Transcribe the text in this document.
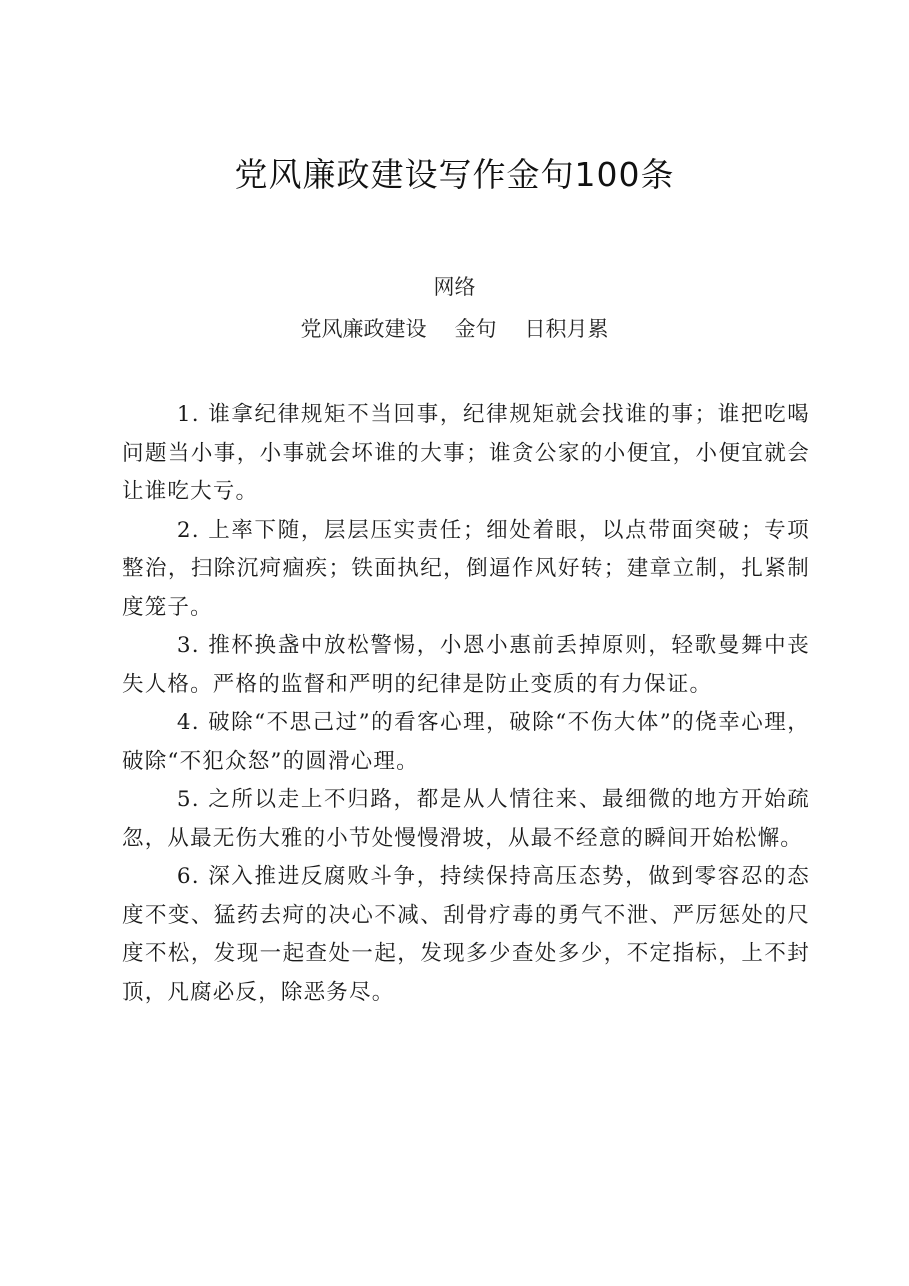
党风廉政建设写作金句100条
网络
党风廉政建设 金句 日积月累

1. 谁拿纪律规矩不当回事，纪律规矩就会找谁的事；谁把吃喝问题当小事，小事就会坏谁的大事；谁贪公家的小便宜，小便宜就会让谁吃大亏。

2. 上率下随，层层压实责任；细处着眼，以点带面突破；专项整治，扫除沉疴痼疾；铁面执纪，倒逼作风好转；建章立制，扎紧制度笼子。

3. 推杯换盏中放松警惕，小恩小惠前丢掉原则，轻歌曼舞中丧失人格。严格的监督和严明的纪律是防止变质的有力保证。

4. 破除“不思己过”的看客心理，破除“不伤大体”的侥幸心理，破除“不犯众怒”的圆滑心理。

5. 之所以走上不归路，都是从人情往来、最细微的地方开始疏忽，从最无伤大雅的小节处慢慢滑坡，从最不经意的瞬间开始松懈。

6. 深入推进反腐败斗争，持续保持高压态势，做到零容忍的态度不变、猛药去疴的决心不减、刮骨疗毒的勇气不泄、严厉惩处的尺度不松，发现一起查处一起，发现多少查处多少，不定指标，上不封顶，凡腐必反，除恶务尽。
